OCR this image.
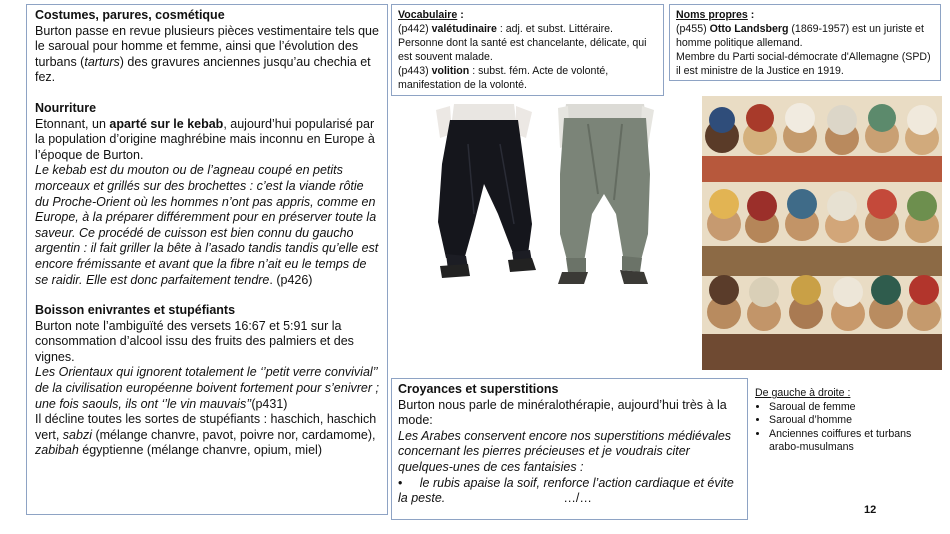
Costumes, parures, cosmétique

Burton passe en revue plusieurs pièces vestimentaire tels que le saroual pour homme et femme, ainsi que l’évolution des turbans (tarturs) des gravures anciennes jusqu’au chechia et fez.

Nourriture

Etonnant, un aparté sur le kebab, aujourd’hui popularisé par la population d’origine maghrébine mais inconnu en Europe à l’époque de Burton.

Le kebab est du mouton ou de l’agneau coupé en petits morceaux et grillés sur des brochettes : c’est la viande rôtie du Proche-Orient où les hommes n’ont pas appris, comme en Europe, à la préparer différemment pour en préserver toute la saveur. Ce procédé de cuisson est bien connu du gaucho argentin : il fait griller la bête à l’asado tandis tandis qu’elle est encore frémissante et avant que la fibre n’ait eu le temps de se raidir. Elle est donc parfaitement tendre. (p426)

Boisson enivrantes et stupéfiants

Burton note l’ambiguïté des versets 16:67 et 5:91 sur la consommation d’alcool issu des fruits des palmiers et des vignes.

Les Orientaux qui ignorent totalement le ‘’petit verre convivial’’ de la civilisation européenne boivent fortement pour s’enivrer ; une fois saouls, ils ont ‘’le vin mauvais’’(p431)

Il décline toutes les sortes de stupéfiants : haschich, haschich vert, sabzi (mélange chanvre, pavot, poivre nor, cardamome), zabibah égyptienne (mélange chanvre, opium, miel)

Vocabulaire :
(p442) valétudinaire : adj. et subst. Littéraire. Personne dont la santé est chancelante, délicate, qui est souvent malade.
(p443) volition : subst. fém. Acte de volonté, manifestation de la volonté.
Noms propres :
(p455) Otto Landsberg (1869-1957) est un juriste et homme politique allemand.
Membre du Parti social-démocrate d'Allemagne (SPD) il est ministre de la Justice en 1919.
Croyances et superstitions

Burton nous parle de minéralothérapie, aujourd’hui très à la mode:

Les Arabes conservent encore nos superstitions médiévales concernant les pierres précieuses et je voudrais citer quelques-unes de ces fantaisies :

• le rubis apaise la soif, renforce l’action cardiaque et évite la peste.	…/…

De gauche à droite :
• Saroual de femme
• Saroual d’homme
• Anciennes coiffures et turbans arabo-musulmans
12
